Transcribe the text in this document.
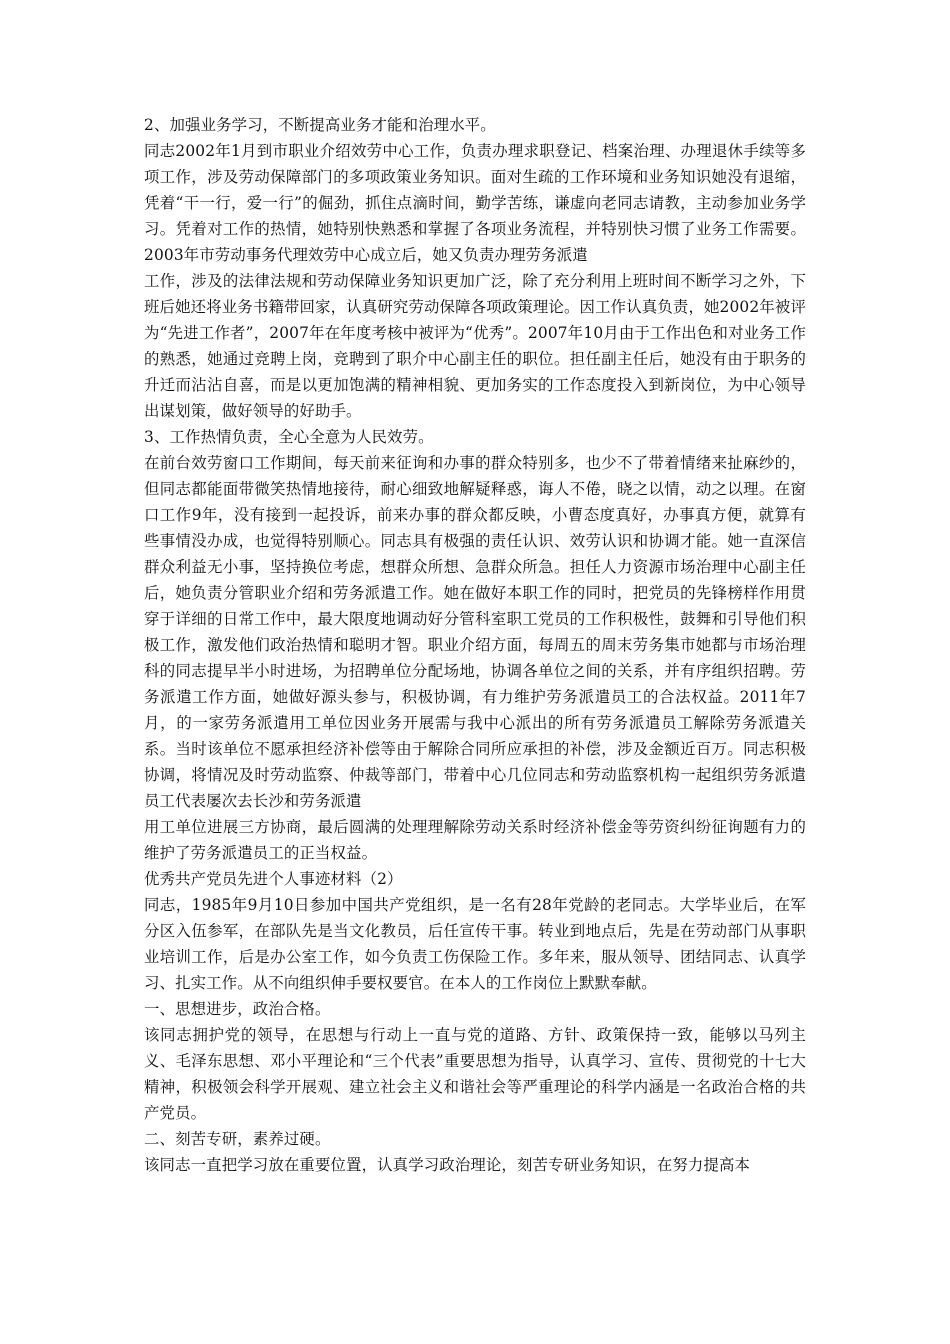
2、加强业务学习，不断提高业务才能和治理水平。

同志2002年1月到市职业介绍效劳中心工作，负责办理求职登记、档案治理、办理退休手续等多项工作，涉及劳动保障部门的多项政策业务知识。面对生疏的工作环境和业务知识她没有退缩，凭着“干一行，爱一行”的倔劲，抓住点滴时间，勤学苦练，谦虚向老同志请教，主动参加业务学习。凭着对工作的热情，她特别快熟悉和掌握了各项业务流程，并特别快习惯了业务工作需要。2003年市劳动事务代理效劳中心成立后，她又负责办理劳务派遣

工作，涉及的法律法规和劳动保障业务知识更加广泛，除了充分利用上班时间不断学习之外，下班后她还将业务书籍带回家，认真研究劳动保障各项政策理论。因工作认真负责，她2002年被评为“先进工作者”，2007年在年度考核中被评为“优秀”。2007年10月由于工作出色和对业务工作的熟悉，她通过竞聘上岗，竞聘到了职介中心副主任的职位。担任副主任后，她没有由于职务的升迁而沾沾自喜，而是以更加饱满的精神相貌、更加务实的工作态度投入到新岗位，为中心领导出谋划策，做好领导的好助手。

3、工作热情负责，全心全意为人民效劳。

在前台效劳窗口工作期间，每天前来征询和办事的群众特别多，也少不了带着情绪来扯麻纱的，但同志都能面带微笑热情地接待，耐心细致地解疑释惑，诲人不倦，晓之以情，动之以理。在窗口工作9年，没有接到一起投诉，前来办事的群众都反映，小曹态度真好，办事真方便，就算有些事情没办成，也觉得特别顺心。同志具有极强的责任认识、效劳认识和协调才能。她一直深信群众利益无小事，坚持换位考虑，想群众所想、急群众所急。担任人力资源市场治理中心副主任后，她负责分管职业介绍和劳务派遣工作。她在做好本职工作的同时，把党员的先锋榜样作用贯穿于详细的日常工作中，最大限度地调动好分管科室职工党员的工作积极性，鼓舞和引导他们积极工作，激发他们政治热情和聪明才智。职业介绍方面，每周五的周末劳务集市她都与市场治理科的同志提早半小时进场，为招聘单位分配场地，协调各单位之间的关系，并有序组织招聘。劳务派遣工作方面，她做好源头参与，积极协调，有力维护劳务派遣员工的合法权益。2011年7月，的一家劳务派遣用工单位因业务开展需与我中心派出的所有劳务派遣员工解除劳务派遣关系。当时该单位不愿承担经济补偿等由于解除合同所应承担的补偿，涉及金额近百万。同志积极协调，将情况及时劳动监察、仲裁等部门，带着中心几位同志和劳动监察机构一起组织劳务派遣员工代表屡次去长沙和劳务派遣

用工单位进展三方协商，最后圆满的处理理解除劳动关系时经济补偿金等劳资纠纷征询题有力的维护了劳务派遣员工的正当权益。

优秀共产党员先进个人事迹材料（2）

同志，1985年9月10日参加中国共产党组织，是一名有28年党龄的老同志。大学毕业后，在军分区入伍参军，在部队先是当文化教员，后任宣传干事。转业到地点后，先是在劳动部门从事职业培训工作，后是办公室工作，如今负责工伤保险工作。多年来，服从领导、团结同志、认真学习、扎实工作。从不向组织伸手要权要官。在本人的工作岗位上默默奉献。

一、思想进步，政治合格。

该同志拥护党的领导，在思想与行动上一直与党的道路、方针、政策保持一致，能够以马列主义、毛泽东思想、邓小平理论和“三个代表”重要思想为指导，认真学习、宣传、贯彻党的十七大精神，积极领会科学开展观、建立社会主义和谐社会等严重理论的科学内涵是一名政治合格的共产党员。

二、刻苦专研，素养过硬。

该同志一直把学习放在重要位置，认真学习政治理论，刻苦专研业务知识，在努力提高本
